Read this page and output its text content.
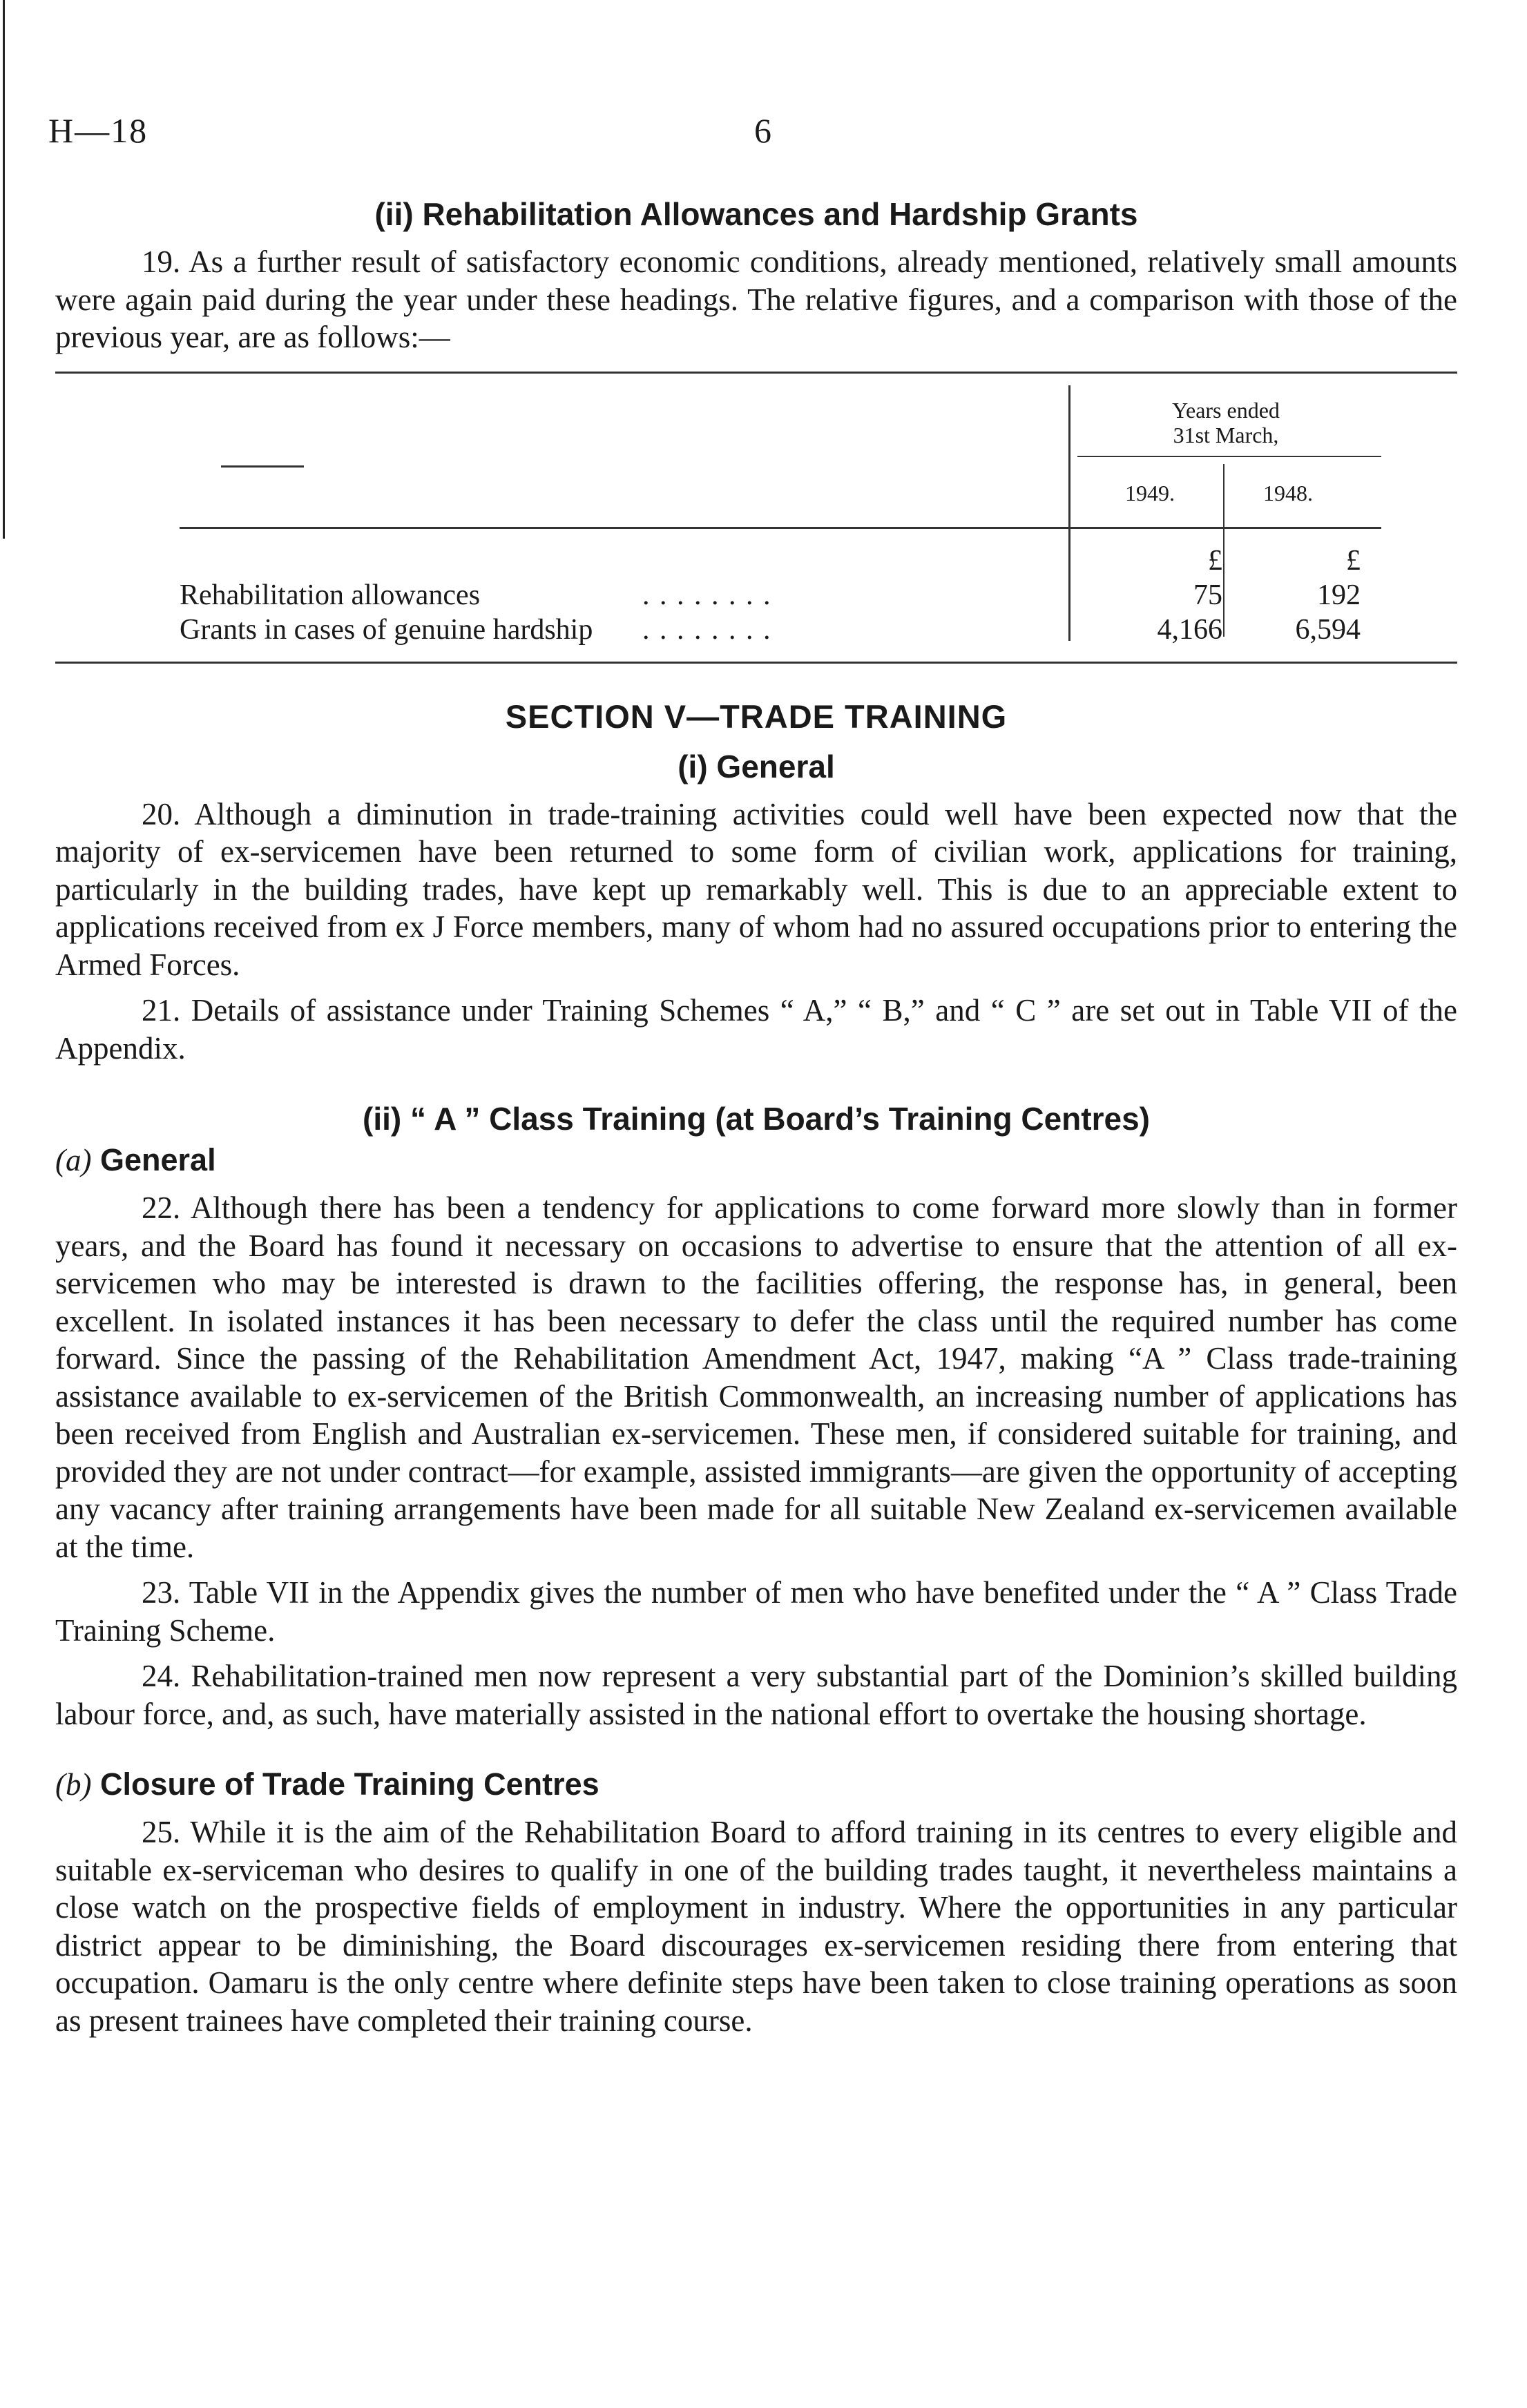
H—18	6
(ii) Rehabilitation Allowances and Hardship Grants

19. As a further result of satisfactory economic conditions, already mentioned, relatively small amounts were again paid during the year under these headings. The relative figures, and a comparison with those of the previous year, are as follows:—

Years ended
31st March,
1949.	1948.
£	£
Rehabilitation allowances	. . . . . . . .	75	192
Grants in cases of genuine hardship . . . . . . . .	4,166	6,594
SECTION V—TRADE TRAINING
(i) General

20. Although a diminution in trade-training activities could well have been expected now that the majority of ex-servicemen have been returned to some form of civilian work, applications for training, particularly in the building trades, have kept up remarkably well. This is due to an appreciable extent to applications received from ex J Force members, many of whom had no assured occupations prior to entering the Armed Forces.

21. Details of assistance under Training Schemes “ A,” “ B,” and “ C ” are set out in Table VII of the Appendix.

(ii) “ A ” Class Training (at Board’s Training Centres)
(a) General

22. Although there has been a tendency for applications to come forward more slowly than in former years, and the Board has found it necessary on occasions to advertise to ensure that the attention of all ex-servicemen who may be interested is drawn to the facilities offering, the response has, in general, been excellent. In isolated instances it has been necessary to defer the class until the required number has come forward. Since the passing of the Rehabilitation Amendment Act, 1947, making “A ” Class trade-training assistance available to ex-servicemen of the British Commonwealth, an increasing number of applications has been received from English and Australian ex-servicemen. These men, if considered suitable for training, and provided they are not under contract—for example, assisted immigrants—are given the opportunity of accepting any vacancy after training arrangements have been made for all suitable New Zealand ex-servicemen available at the time.

23. Table VII in the Appendix gives the number of men who have benefited under the “ A ” Class Trade Training Scheme.

24. Rehabilitation-trained men now represent a very substantial part of the Dominion’s skilled building labour force, and, as such, have materially assisted in the national effort to overtake the housing shortage.

(b) Closure of Trade Training Centres

25. While it is the aim of the Rehabilitation Board to afford training in its centres to every eligible and suitable ex-serviceman who desires to qualify in one of the building trades taught, it nevertheless maintains a close watch on the prospective fields of employment in industry. Where the opportunities in any particular district appear to be diminishing, the Board discourages ex-servicemen residing there from entering that occupation. Oamaru is the only centre where definite steps have been taken to close training operations as soon as present trainees have completed their training course.
